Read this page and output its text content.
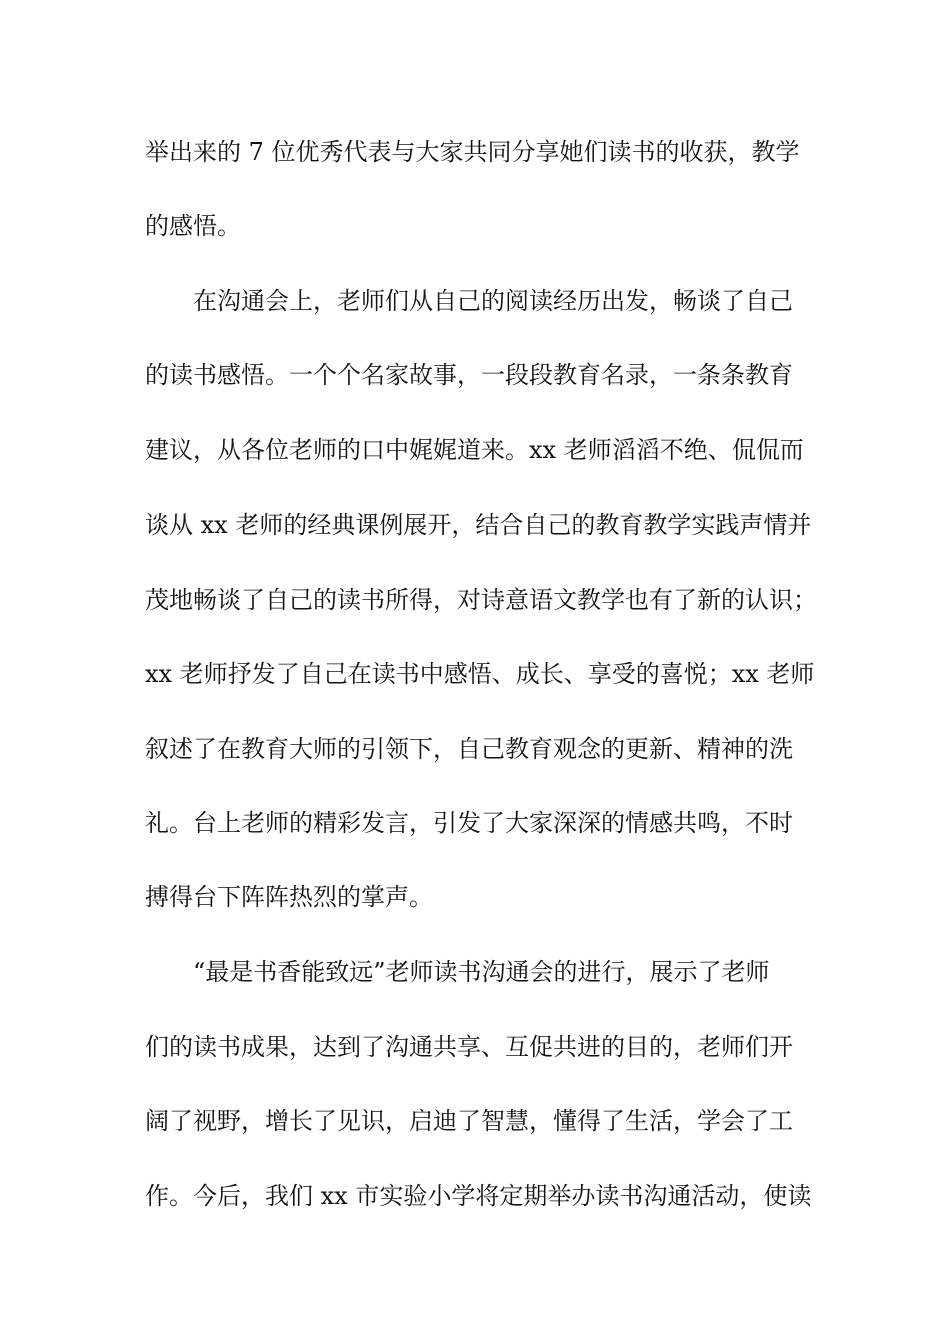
举出来的 7 位优秀代表与大家共同分享她们读书的收获，教学
的感悟。
在沟通会上，老师们从自己的阅读经历出发，畅谈了自己
的读书感悟。一个个名家故事，一段段教育名录，一条条教育
建议，从各位老师的口中娓娓道来。xx 老师滔滔不绝、侃侃而
谈从 xx 老师的经典课例展开，结合自己的教育教学实践声情并
茂地畅谈了自己的读书所得，对诗意语文教学也有了新的认识；
xx 老师抒发了自己在读书中感悟、成长、享受的喜悦；xx 老师
叙述了在教育大师的引领下，自己教育观念的更新、精神的洗
礼。台上老师的精彩发言，引发了大家深深的情感共鸣，不时
搏得台下阵阵热烈的掌声。
“最是书香能致远”老师读书沟通会的进行，展示了老师
们的读书成果，达到了沟通共享、互促共进的目的，老师们开
阔了视野，增长了见识，启迪了智慧，懂得了生活，学会了工
作。今后，我们 xx 市实验小学将定期举办读书沟通活动，使读
